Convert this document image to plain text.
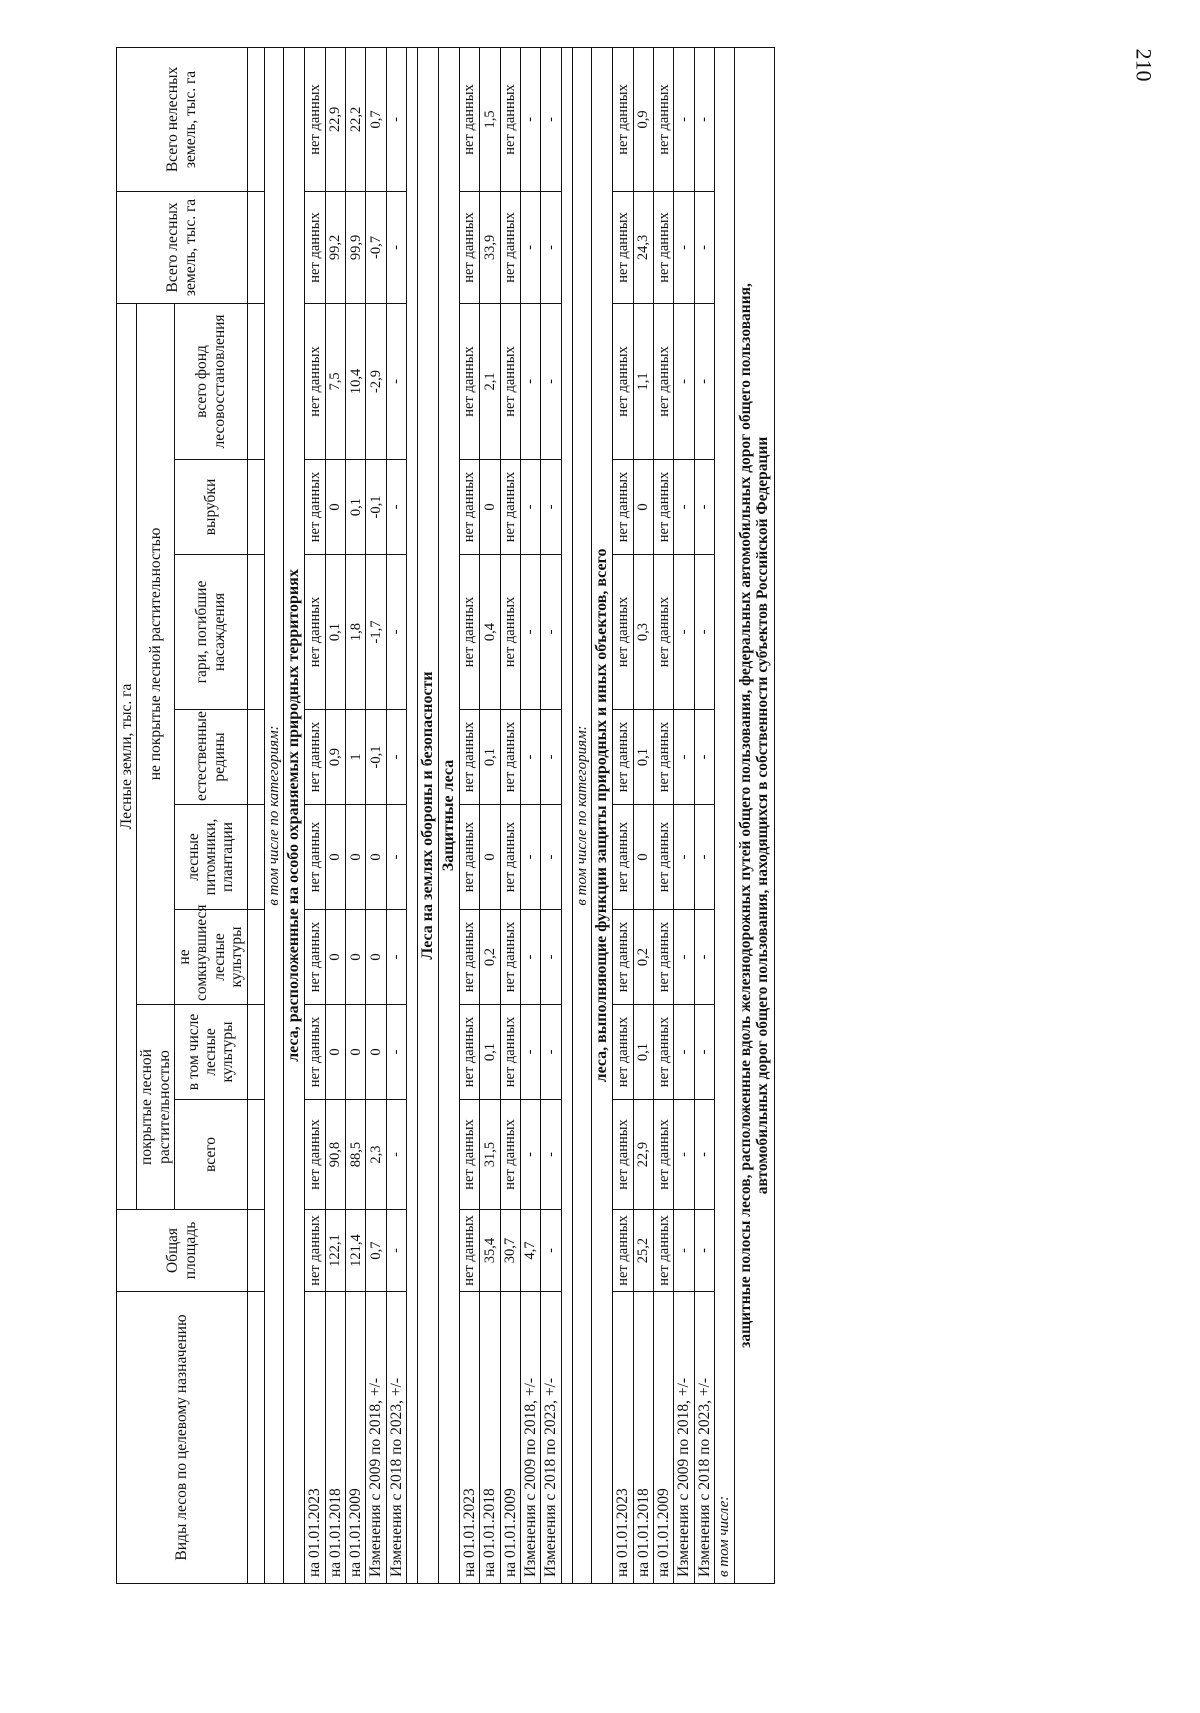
210
Виды лесов по целевому назначению	Общая площадь	Лесные земли, тыс. га								Всего лесных земель, тыс. га	Всего нелесных земель, тыс. га
		покрытые лесной растительностью		не покрытые лесной растительностью							
		всего	в том числе лесные культуры	не сомкнувшиеся лесные культуры	лесные питомники, плантации	естественные редины	гари, погибшие насаждения	вырубки	всего фонд лесовосстановления		

в том числе по категориям:											
леса, расположенные на особо охраняемых природных территориях											
на 01.01.2023	нет данных	нет данных	нет данных	нет данных	нет данных	нет данных	нет данных	нет данных	нет данных	нет данных	нет данных
на 01.01.2018	122,1	90,8	0	0	0	0,9	0,1	0	7,5	99,2	22,9
на 01.01.2009	121,4	88,5	0	0	0	1	1,8	0,1	10,4	99,9	22,2
Изменения с 2009 по 2018, +/-	0,7	2,3	0	0	0	-0,1	-1,7	-0,1	-2,9	-0,7	0,7
Изменения с 2018 по 2023, +/-	-	-	-	-	-	-	-	-	-	-	-

Леса на землях обороны и безопасности											
Защитные леса											
на 01.01.2023	нет данных	нет данных	нет данных	нет данных	нет данных	нет данных	нет данных	нет данных	нет данных	нет данных	нет данных
на 01.01.2018	35,4	31,5	0,1	0,2	0	0,1	0,4	0	2,1	33,9	1,5
на 01.01.2009	30,7	нет данных	нет данных	нет данных	нет данных	нет данных	нет данных	нет данных	нет данных	нет данных	нет данных
Изменения с 2009 по 2018, +/-	4,7	-	-	-	-	-	-	-	-	-	-
Изменения с 2018 по 2023, +/-	-	-	-	-	-	-	-	-	-	-	-

в том числе по категориям:											
леса, выполняющие функции защиты природных и иных объектов, всего											
на 01.01.2023	нет данных	нет данных	нет данных	нет данных	нет данных	нет данных	нет данных	нет данных	нет данных	нет данных	нет данных
на 01.01.2018	25,2	22,9	0,1	0,2	0	0,1	0,3	0	1,1	24,3	0,9
на 01.01.2009	нет данных	нет данных	нет данных	нет данных	нет данных	нет данных	нет данных	нет данных	нет данных	нет данных	нет данных
Изменения с 2009 по 2018, +/-	-	-	-	-	-	-	-	-	-	-	-
Изменения с 2018 по 2023, +/-	-	-	-	-	-	-	-	-	-	-	-
в том числе:											
защитные полосы лесов, расположенные вдоль железнодорожных путей общего пользования, федеральных автомобильных дорог общего пользования,
автомобильных дорог общего пользования, находящихся в собственности субъектов Российской Федерации											
